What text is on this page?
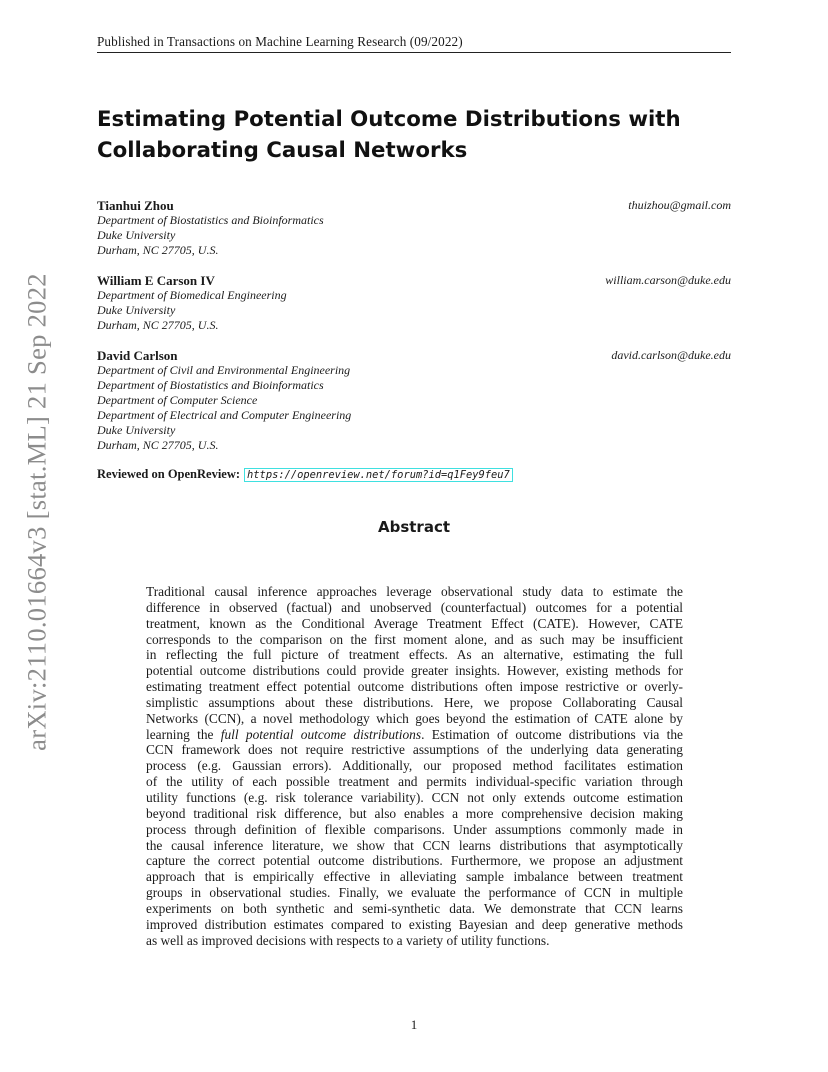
Published in Transactions on Machine Learning Research (09/2022)
Estimating Potential Outcome Distributions with
Collaborating Causal Networks
Tianhui Zhou	thuizhou@gmail.com
Department of Biostatistics and Bioinformatics
Duke University
Durham, NC 27705, U.S.
William E Carson IV	william.carson@duke.edu
Department of Biomedical Engineering
Duke University
Durham, NC 27705, U.S.
David Carlson	david.carlson@duke.edu
Department of Civil and Environmental Engineering
Department of Biostatistics and Bioinformatics
Department of Computer Science
Department of Electrical and Computer Engineering
Duke University
Durham, NC 27705, U.S.
Reviewed on OpenReview: https://openreview.net/forum?id=q1Fey9feu7
Abstract
Traditional causal inference approaches leverage observational study data to estimate the
difference in observed (factual) and unobserved (counterfactual) outcomes for a potential
treatment, known as the Conditional Average Treatment Effect (CATE). However, CATE
corresponds to the comparison on the first moment alone, and as such may be insufficient
in reflecting the full picture of treatment effects. As an alternative, estimating the full
potential outcome distributions could provide greater insights. However, existing methods for
estimating treatment effect potential outcome distributions often impose restrictive or overly-
simplistic assumptions about these distributions. Here, we propose Collaborating Causal
Networks (CCN), a novel methodology which goes beyond the estimation of CATE alone by
learning the full potential outcome distributions. Estimation of outcome distributions via the
CCN framework does not require restrictive assumptions of the underlying data generating
process (e.g. Gaussian errors). Additionally, our proposed method facilitates estimation
of the utility of each possible treatment and permits individual-specific variation through
utility functions (e.g. risk tolerance variability). CCN not only extends outcome estimation
beyond traditional risk difference, but also enables a more comprehensive decision making
process through definition of flexible comparisons. Under assumptions commonly made in
the causal inference literature, we show that CCN learns distributions that asymptotically
capture the correct potential outcome distributions. Furthermore, we propose an adjustment
approach that is empirically effective in alleviating sample imbalance between treatment
groups in observational studies. Finally, we evaluate the performance of CCN in multiple
experiments on both synthetic and semi-synthetic data. We demonstrate that CCN learns
improved distribution estimates compared to existing Bayesian and deep generative methods
as well as improved decisions with respects to a variety of utility functions.
arXiv:2110.01664v3 [stat.ML] 21 Sep 2022
1
